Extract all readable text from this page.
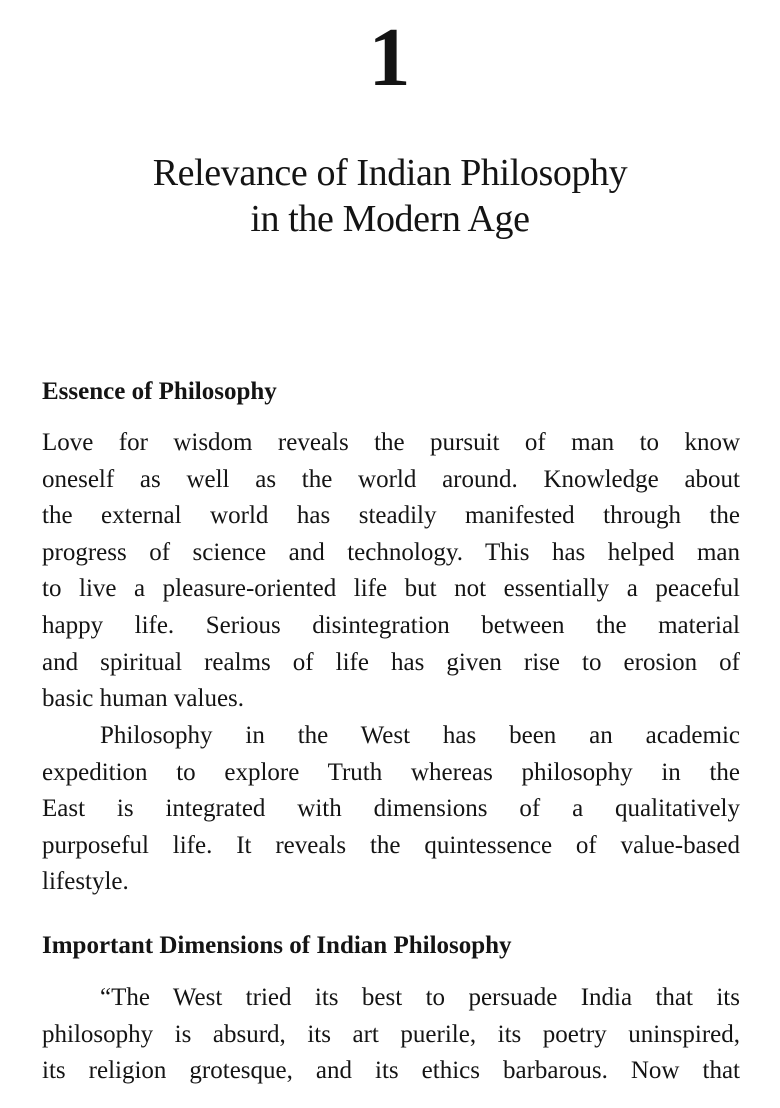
1
Relevance of Indian Philosophy
in the Modern Age
Essence of Philosophy
Love for wisdom reveals the pursuit of man to know
oneself as well as the world around. Knowledge about
the external world has steadily manifested through the
progress of science and technology. This has helped man
to live a pleasure-oriented life but not essentially a peaceful
happy life. Serious disintegration between the material
and spiritual realms of life has given rise to erosion of
basic human values.
Philosophy in the West has been an academic
expedition to explore Truth whereas philosophy in the
East is integrated with dimensions of a qualitatively
purposeful life. It reveals the quintessence of value-based
lifestyle.
Important Dimensions of Indian Philosophy
“The West tried its best to persuade India that its
philosophy is absurd, its art puerile, its poetry uninspired,
its religion grotesque, and its ethics barbarous. Now that
